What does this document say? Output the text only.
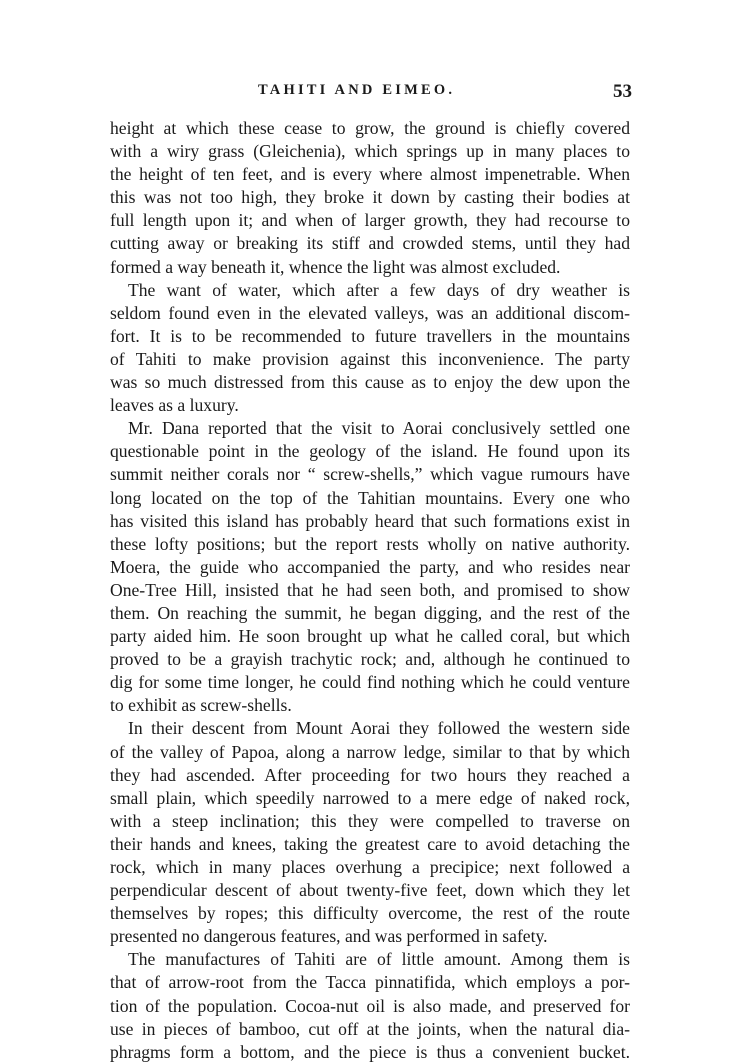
TAHITI AND EIMEO.	53
height at which these cease to grow, the ground is chiefly covered
with a wiry grass (Gleichenia), which springs up in many places to
the height of ten feet, and is every where almost impenetrable. When
this was not too high, they broke it down by casting their bodies at
full length upon it; and when of larger growth, they had recourse to
cutting away or breaking its stiff and crowded stems, until they had
formed a way beneath it, whence the light was almost excluded.
The want of water, which after a few days of dry weather is
seldom found even in the elevated valleys, was an additional discom-
fort. It is to be recommended to future travellers in the mountains
of Tahiti to make provision against this inconvenience. The party
was so much distressed from this cause as to enjoy the dew upon the
leaves as a luxury.
Mr. Dana reported that the visit to Aorai conclusively settled one
questionable point in the geology of the island. He found upon its
summit neither corals nor “ screw-shells,” which vague rumours have
long located on the top of the Tahitian mountains. Every one who
has visited this island has probably heard that such formations exist in
these lofty positions; but the report rests wholly on native authority.
Moera, the guide who accompanied the party, and who resides near
One-Tree Hill, insisted that he had seen both, and promised to show
them. On reaching the summit, he began digging, and the rest of the
party aided him. He soon brought up what he called coral, but which
proved to be a grayish trachytic rock; and, although he continued to
dig for some time longer, he could find nothing which he could venture
to exhibit as screw-shells.
In their descent from Mount Aorai they followed the western side
of the valley of Papoa, along a narrow ledge, similar to that by which
they had ascended. After proceeding for two hours they reached a
small plain, which speedily narrowed to a mere edge of naked rock,
with a steep inclination; this they were compelled to traverse on
their hands and knees, taking the greatest care to avoid detaching the
rock, which in many places overhung a precipice; next followed a
perpendicular descent of about twenty-five feet, down which they let
themselves by ropes; this difficulty overcome, the rest of the route
presented no dangerous features, and was performed in safety.
The manufactures of Tahiti are of little amount. Among them is
that of arrow-root from the Tacca pinnatifida, which employs a por-
tion of the population. Cocoa-nut oil is also made, and preserved for
use in pieces of bamboo, cut off at the joints, when the natural dia-
phragms form a bottom, and the piece is thus a convenient bucket.
